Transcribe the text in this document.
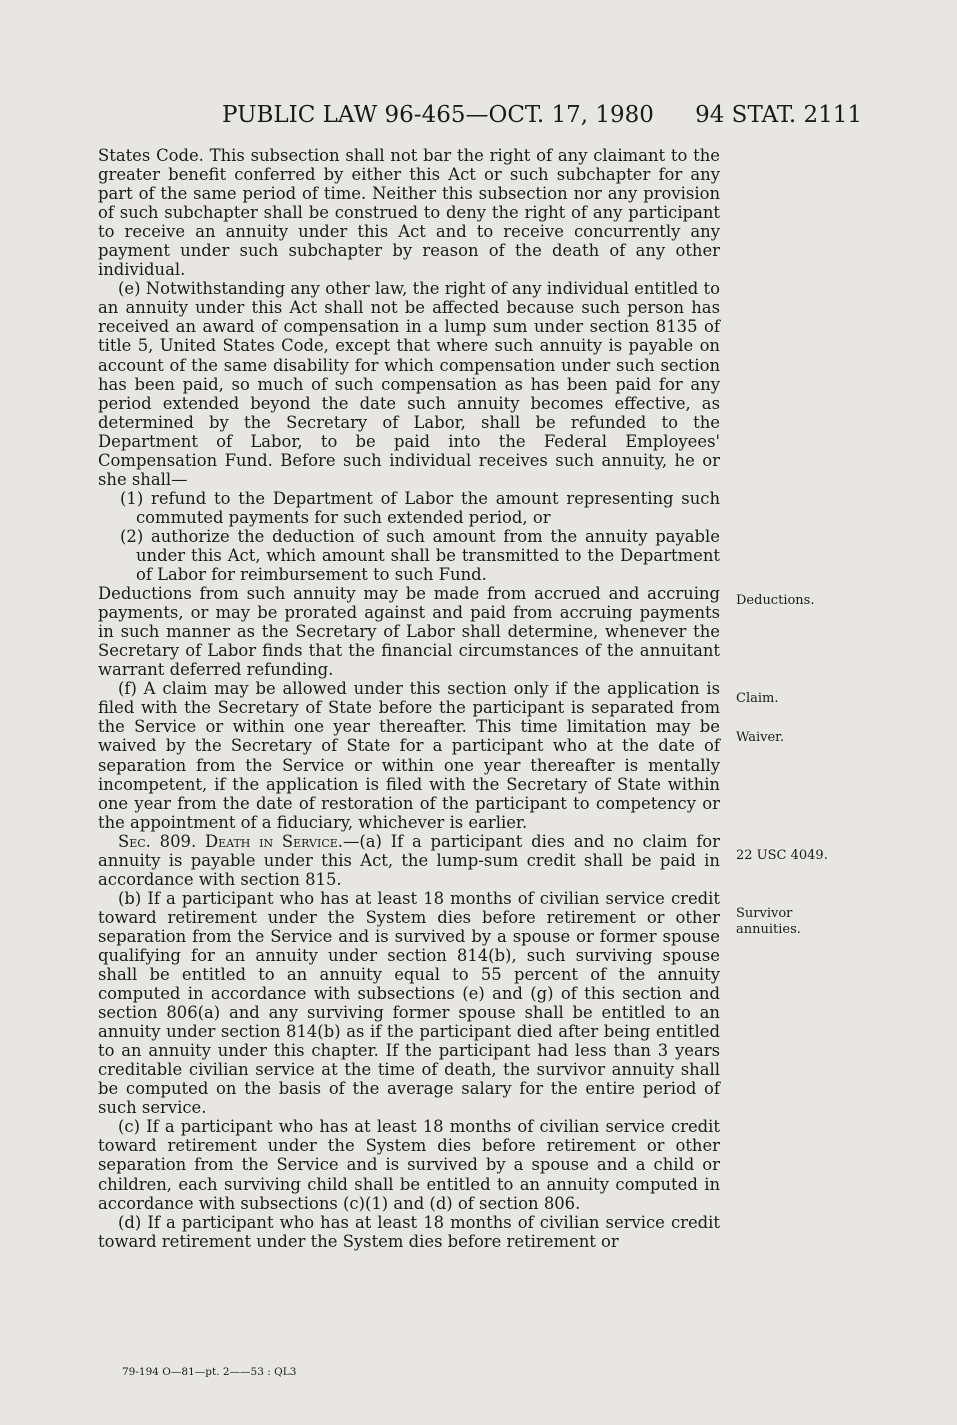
PUBLIC LAW 96-465—OCT. 17, 1980 94 STAT. 2111

States Code. This subsection shall not bar the right of any claimant to the greater benefit conferred by either this Act or such subchapter for any part of the same period of time. Neither this subsection nor any provision of such subchapter shall be construed to deny the right of any participant to receive an annuity under this Act and to receive concurrently any payment under such subchapter by reason of the death of any other individual.

(e) Notwithstanding any other law, the right of any individual entitled to an annuity under this Act shall not be affected because such person has received an award of compensation in a lump sum under section 8135 of title 5, United States Code, except that where such annuity is payable on account of the same disability for which compensation under such section has been paid, so much of such compensation as has been paid for any period extended beyond the date such annuity becomes effective, as determined by the Secretary of Labor, shall be refunded to the Department of Labor, to be paid into the Federal Employees' Compensation Fund. Before such individual receives such annuity, he or she shall—

(1) refund to the Department of Labor the amount representing such commuted payments for such extended period, or

(2) authorize the deduction of such amount from the annuity payable under this Act, which amount shall be transmitted to the Department of Labor for reimbursement to such Fund.

Deductions from such annuity may be made from accrued and accruing payments, or may be prorated against and paid from accruing payments in such manner as the Secretary of Labor shall determine, whenever the Secretary of Labor finds that the financial circumstances of the annuitant warrant deferred refunding.

(f) A claim may be allowed under this section only if the application is filed with the Secretary of State before the participant is separated from the Service or within one year thereafter. This time limitation may be waived by the Secretary of State for a participant who at the date of separation from the Service or within one year thereafter is mentally incompetent, if the application is filed with the Secretary of State within one year from the date of restoration of the participant to competency or the appointment of a fiduciary, whichever is earlier.

Sec. 809. Death in Service.—(a) If a participant dies and no claim for annuity is payable under this Act, the lump-sum credit shall be paid in accordance with section 815.

(b) If a participant who has at least 18 months of civilian service credit toward retirement under the System dies before retirement or other separation from the Service and is survived by a spouse or former spouse qualifying for an annuity under section 814(b), such surviving spouse shall be entitled to an annuity equal to 55 percent of the annuity computed in accordance with subsections (e) and (g) of this section and section 806(a) and any surviving former spouse shall be entitled to an annuity under section 814(b) as if the participant died after being entitled to an annuity under this chapter. If the participant had less than 3 years creditable civilian service at the time of death, the survivor annuity shall be computed on the basis of the average salary for the entire period of such service.

(c) If a participant who has at least 18 months of civilian service credit toward retirement under the System dies before retirement or other separation from the Service and is survived by a spouse and a child or children, each surviving child shall be entitled to an annuity computed in accordance with subsections (c)(1) and (d) of section 806.

(d) If a participant who has at least 18 months of civilian service credit toward retirement under the System dies before retirement or

Deductions.
Claim.
Waiver.
22 USC 4049.
Survivor
annuities.
79-194 O—81—pt. 2——53 : QL3
